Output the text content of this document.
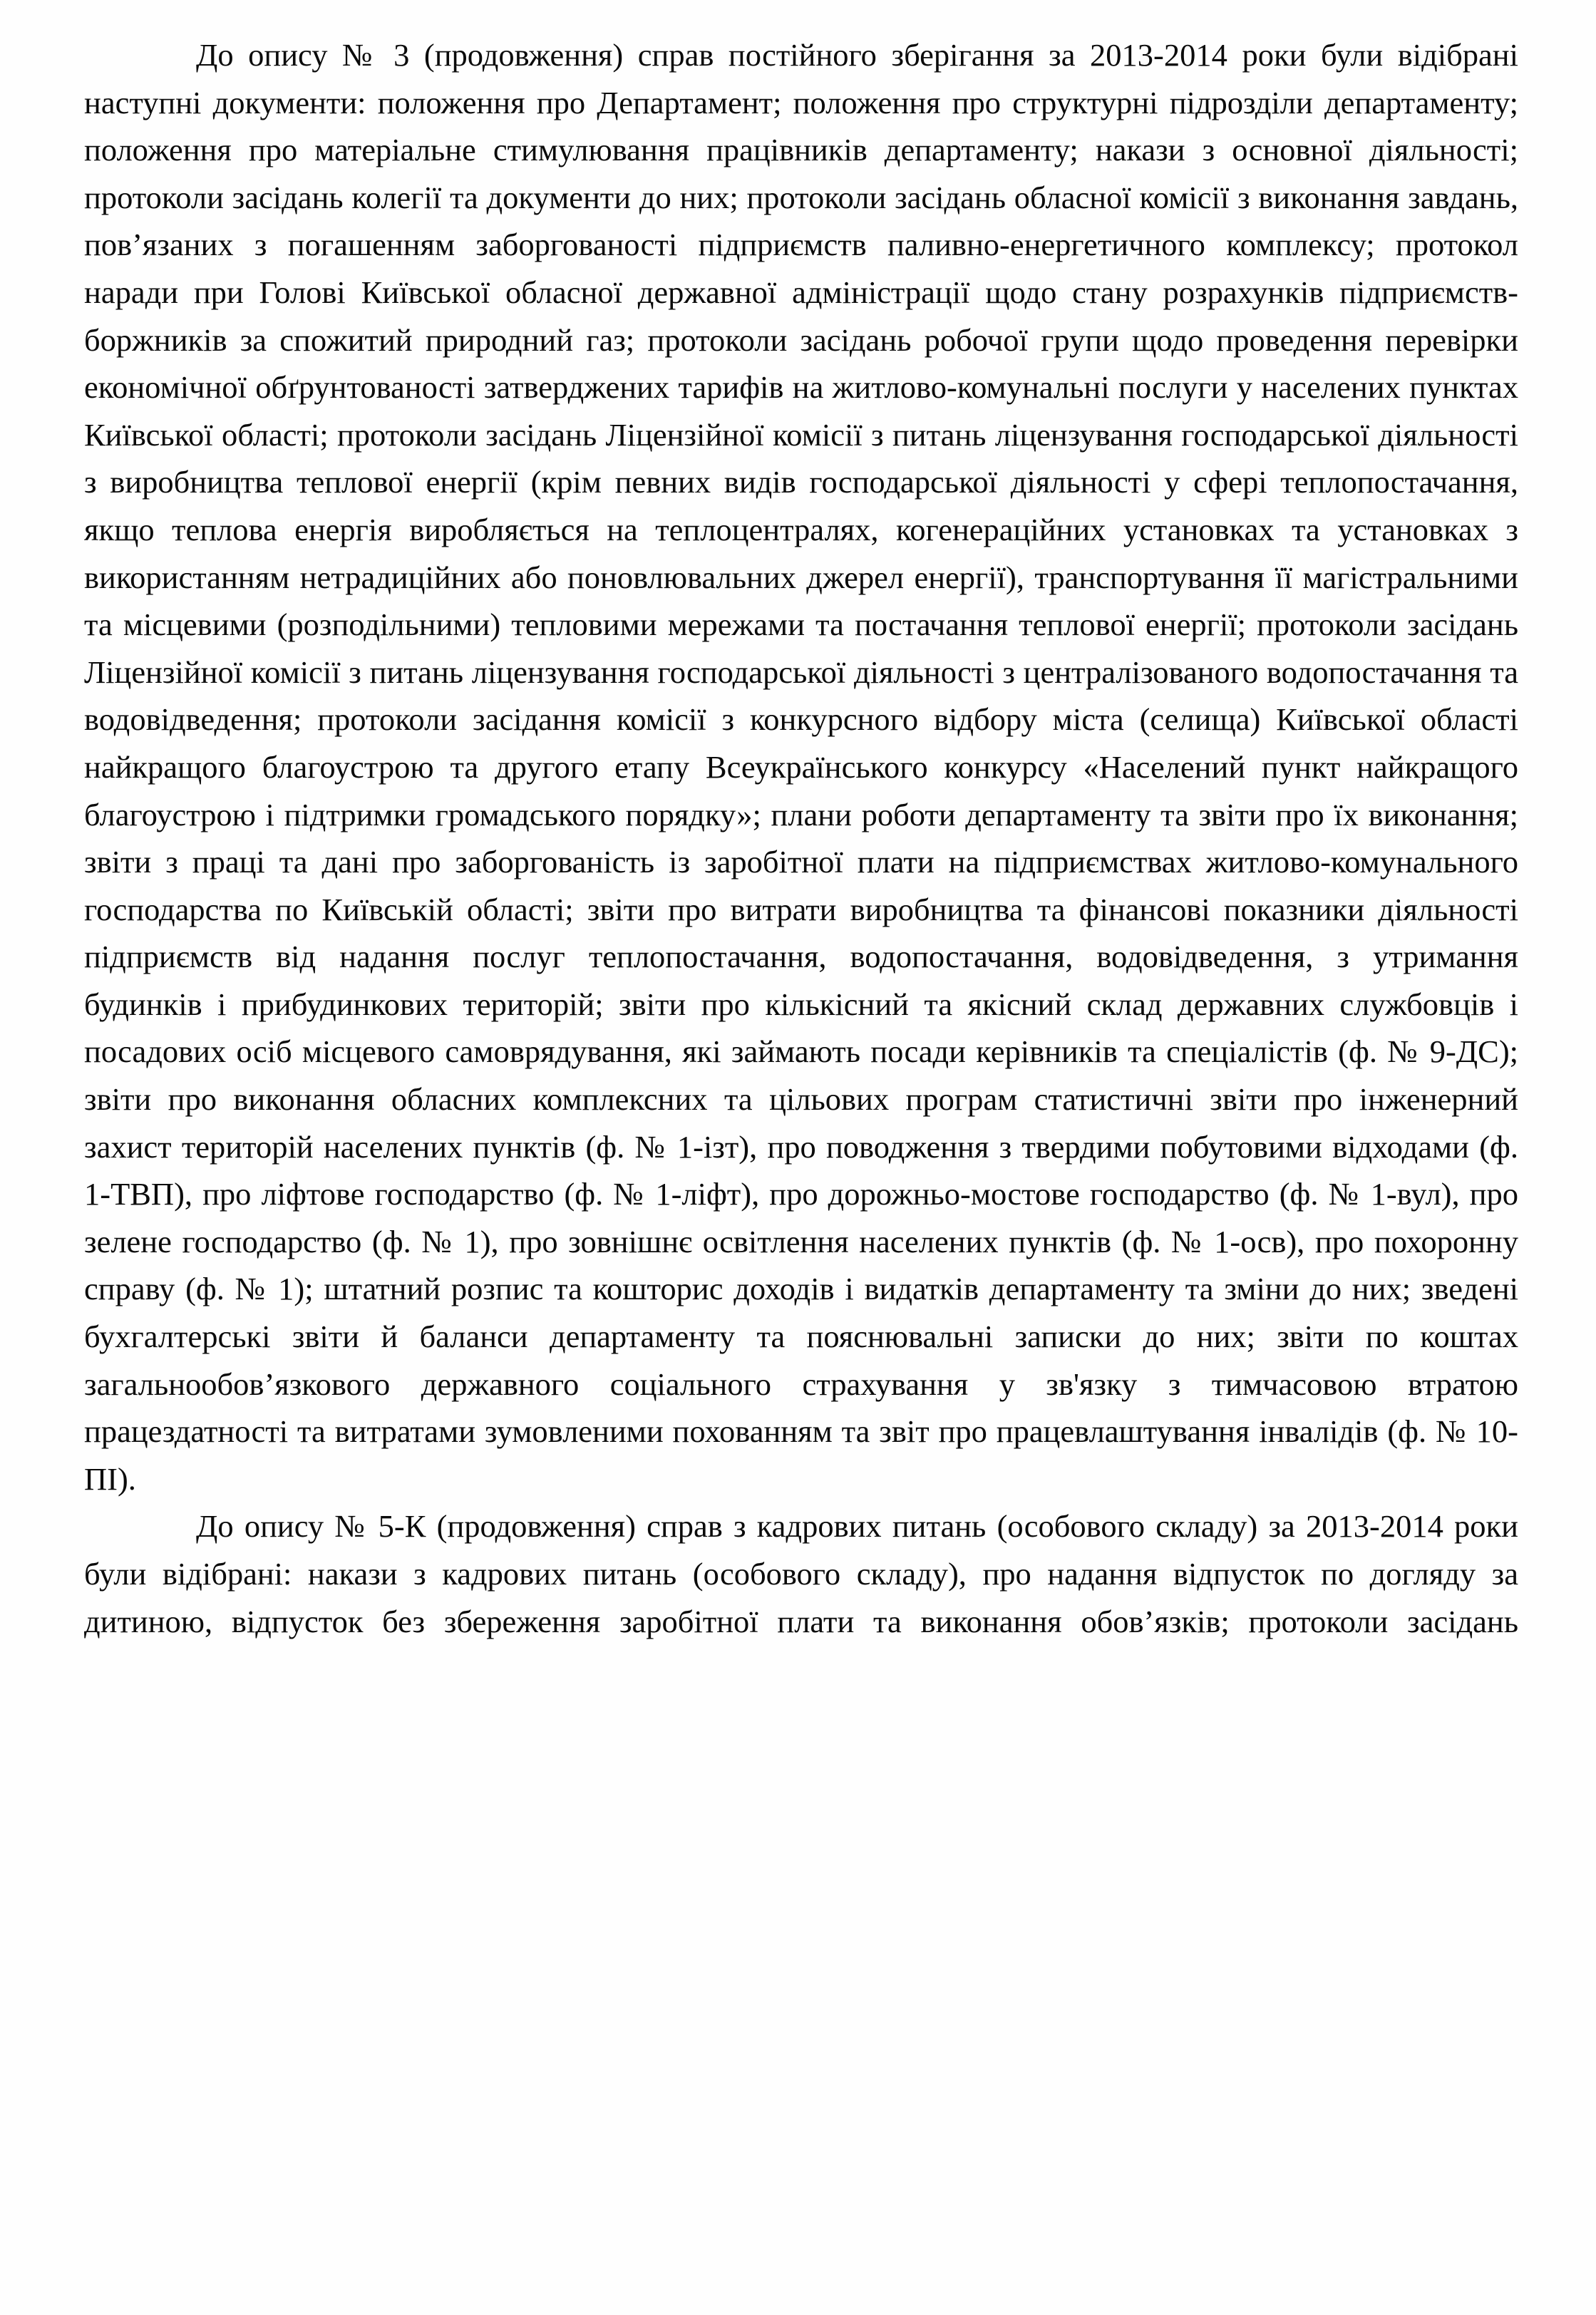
До опису № 3 (продовження) справ постійного зберігання за 2013-2014 роки були відібрані наступні документи: положення про Департамент; положення про структурні підрозділи департаменту; положення про матеріальне стимулювання працівників департаменту; накази з основної діяльності; протоколи засідань колегії та документи до них; протоколи засідань обласної комісії з виконання завдань, пов’язаних з погашенням заборгованості підприємств паливно-енергетичного комплексу; протокол наради при Голові Київської обласної державної адміністрації щодо стану розрахунків підприємств-боржників за спожитий природний газ; протоколи засідань робочої групи щодо проведення перевірки економічної обґрунтованості затверджених тарифів на житлово-комунальні послуги у населених пунктах Київської області; протоколи засідань Ліцензійної комісії з питань ліцензування господарської діяльності з виробництва теплової енергії (крім певних видів господарської діяльності у сфері теплопостачання, якщо теплова енергія виробляється на теплоцентралях, когенераційних установках та установках з використанням нетрадиційних або поновлювальних джерел енергії), транспортування її магістральними та місцевими (розподільними) тепловими мережами та постачання теплової енергії; протоколи засідань Ліцензійної комісії з питань ліцензування господарської діяльності з централізованого водопостачання та водовідведення; протоколи засідання комісії з конкурсного відбору міста (селища) Київської області найкращого благоустрою та другого етапу Всеукраїнського конкурсу «Населений пункт найкращого благоустрою і підтримки громадського порядку»; плани роботи департаменту та звіти про їх виконання; звіти з праці та дані про заборгованість із заробітної плати на підприємствах житлово-комунального господарства по Київській області; звіти про витрати виробництва та фінансові показники діяльності підприємств від надання послуг теплопостачання, водопостачання, водовідведення, з утримання будинків і прибудинкових територій; звіти про кількісний та якісний склад державних службовців і посадових осіб місцевого самоврядування, які займають посади керівників та спеціалістів (ф. № 9-ДС); звіти про виконання обласних комплексних та цільових програм статистичні звіти про інженерний захист територій населених пунктів (ф. № 1-ізт), про поводження з твердими побутовими відходами (ф. 1-ТВП), про ліфтове господарство (ф. № 1-ліфт), про дорожньо-мостове господарство (ф. № 1-вул), про зелене господарство (ф. № 1), про зовнішнє освітлення населених пунктів (ф. № 1-осв), про похоронну справу (ф. № 1); штатний розпис та кошторис доходів і видатків департаменту та зміни до них; зведені бухгалтерські звіти й баланси департаменту та пояснювальні записки до них; звіти по коштах загальнообов’язкового державного соціального страхування у зв'язку з тимчасовою втратою працездатності та витратами зумовленими похованням та звіт про працевлаштування інвалідів (ф. № 10-ПІ).

До опису № 5-К (продовження) справ з кадрових питань (особового складу) за 2013-2014 роки були відібрані: накази з кадрових питань (особового складу), про надання відпусток по догляду за дитиною, відпусток без збереження заробітної плати та виконання обов’язків; протоколи засідань
